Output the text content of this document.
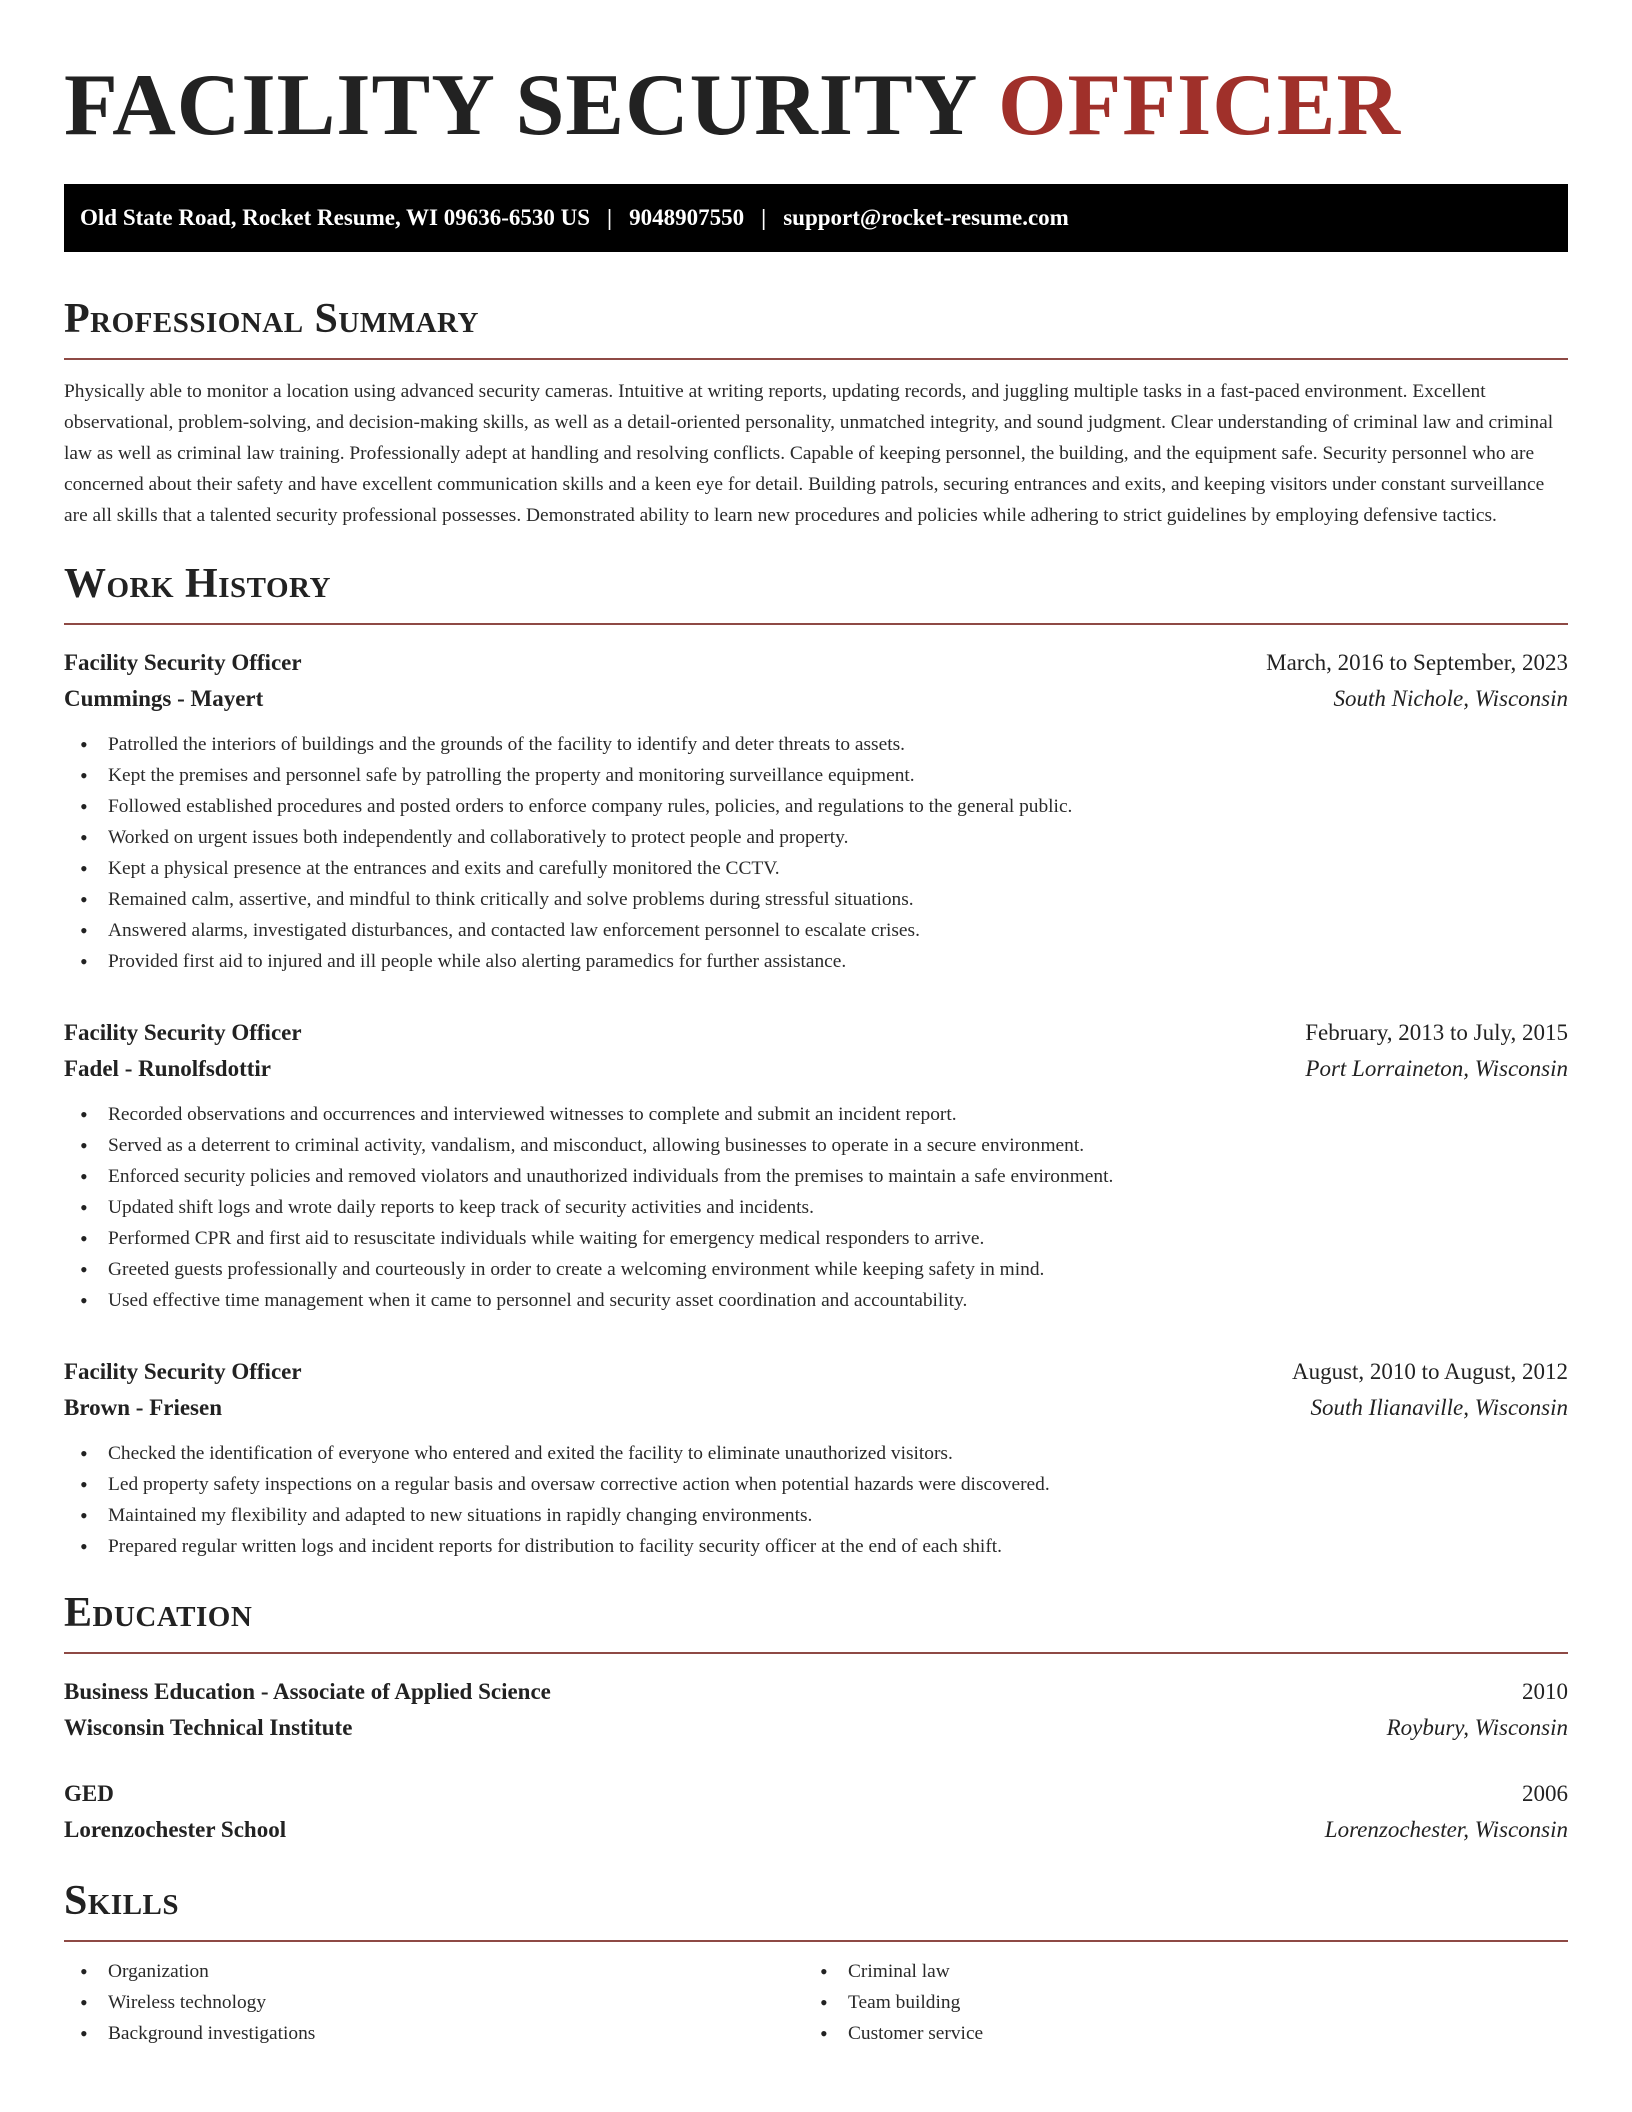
FACILITY SECURITY OFFICER
Old State Road, Rocket Resume, WI 09636-6530 US | 9048907550 | support@rocket-resume.com
Professional Summary

Physically able to monitor a location using advanced security cameras. Intuitive at writing reports, updating records, and juggling multiple tasks in a fast-paced environment. Excellent observational, problem-solving, and decision-making skills, as well as a detail-oriented personality, unmatched integrity, and sound judgment. Clear understanding of criminal law and criminal law as well as criminal law training. Professionally adept at handling and resolving conflicts. Capable of keeping personnel, the building, and the equipment safe. Security personnel who are concerned about their safety and have excellent communication skills and a keen eye for detail. Building patrols, securing entrances and exits, and keeping visitors under constant surveillance are all skills that a talented security professional possesses. Demonstrated ability to learn new procedures and policies while adhering to strict guidelines by employing defensive tactics.

Work History
Facility Security Officer	March, 2016 to September, 2023
Cummings - Mayert	South Nichole, Wisconsin
• Patrolled the interiors of buildings and the grounds of the facility to identify and deter threats to assets.
• Kept the premises and personnel safe by patrolling the property and monitoring surveillance equipment.
• Followed established procedures and posted orders to enforce company rules, policies, and regulations to the general public.
• Worked on urgent issues both independently and collaboratively to protect people and property.
• Kept a physical presence at the entrances and exits and carefully monitored the CCTV.
• Remained calm, assertive, and mindful to think critically and solve problems during stressful situations.
• Answered alarms, investigated disturbances, and contacted law enforcement personnel to escalate crises.
• Provided first aid to injured and ill people while also alerting paramedics for further assistance.
Facility Security Officer	February, 2013 to July, 2015
Fadel - Runolfsdottir	Port Lorraineton, Wisconsin
• Recorded observations and occurrences and interviewed witnesses to complete and submit an incident report.
• Served as a deterrent to criminal activity, vandalism, and misconduct, allowing businesses to operate in a secure environment.
• Enforced security policies and removed violators and unauthorized individuals from the premises to maintain a safe environment.
• Updated shift logs and wrote daily reports to keep track of security activities and incidents.
• Performed CPR and first aid to resuscitate individuals while waiting for emergency medical responders to arrive.
• Greeted guests professionally and courteously in order to create a welcoming environment while keeping safety in mind.
• Used effective time management when it came to personnel and security asset coordination and accountability.
Facility Security Officer	August, 2010 to August, 2012
Brown - Friesen	South Ilianaville, Wisconsin
• Checked the identification of everyone who entered and exited the facility to eliminate unauthorized visitors.
• Led property safety inspections on a regular basis and oversaw corrective action when potential hazards were discovered.
• Maintained my flexibility and adapted to new situations in rapidly changing environments.
• Prepared regular written logs and incident reports for distribution to facility security officer at the end of each shift.
Education
Business Education - Associate of Applied Science	2010
Wisconsin Technical Institute	Roybury, Wisconsin
GED	2006
Lorenzochester School	Lorenzochester, Wisconsin
Skills
• Organization
• Wireless technology
• Background investigations
• Criminal law
• Team building
• Customer service
